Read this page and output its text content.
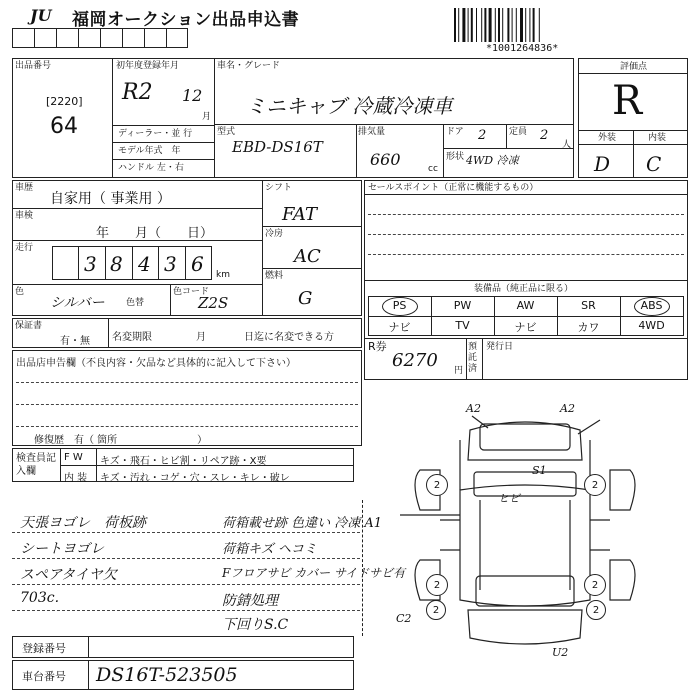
JU	福岡オークション出品申込書
*1001264836*
出品番号
[2220]
64
初年度登録年月
R2 12
月
ディーラー・並 行
モデル年式　年
ハンドル 左・右
車名・グレード
ミニキャブ 冷蔵冷凍車
型式
EBD-DS16T
排気量
660	cc
ドア 2	定員 2
人
形状 4WD 冷凍
評価点
R
外装	内装
D C
車歴
自家用（ 事業用 ）
車検
年　　月（　　日）
走行
3 8 4 3 6 km
色
シルバー 色替
色コード
Z2S
シフト
FAT
冷房
AC
燃料
G
セールスポイント（正常に機能するもの）
装備品（純正品に限る）
PS	PW	AW	SR	ABS
ナビ	TV	ナビ	カワ	4WD
R券
6270 円
預託済
発行日
保証書
有・無 名変期限	月	日迄に名変できる方
出品店申告欄（不良内容・欠品など具体的に記入して下さい）
修復歴　有（ 箇所　　　　　　　　）
検査員記入欄
F W キズ・飛石・ヒビ割・リペア跡・X要
内 装 キズ・汚れ・コゲ・穴・スレ・キレ・破レ
天張ヨゴレ　荷板跡
シートヨゴレ
スペアタイヤ欠
703c.
荷箱載せ跡 色違い 冷凍 A1
荷箱キズ ヘコミ
Fフロアサビ カバー サイドサビ有
防錆処理
下回りS.C
A2	A2
S1
ヒビ
2	2
2	2
2	2
C2
U2
登録番号
車台番号 DS16T-523505
